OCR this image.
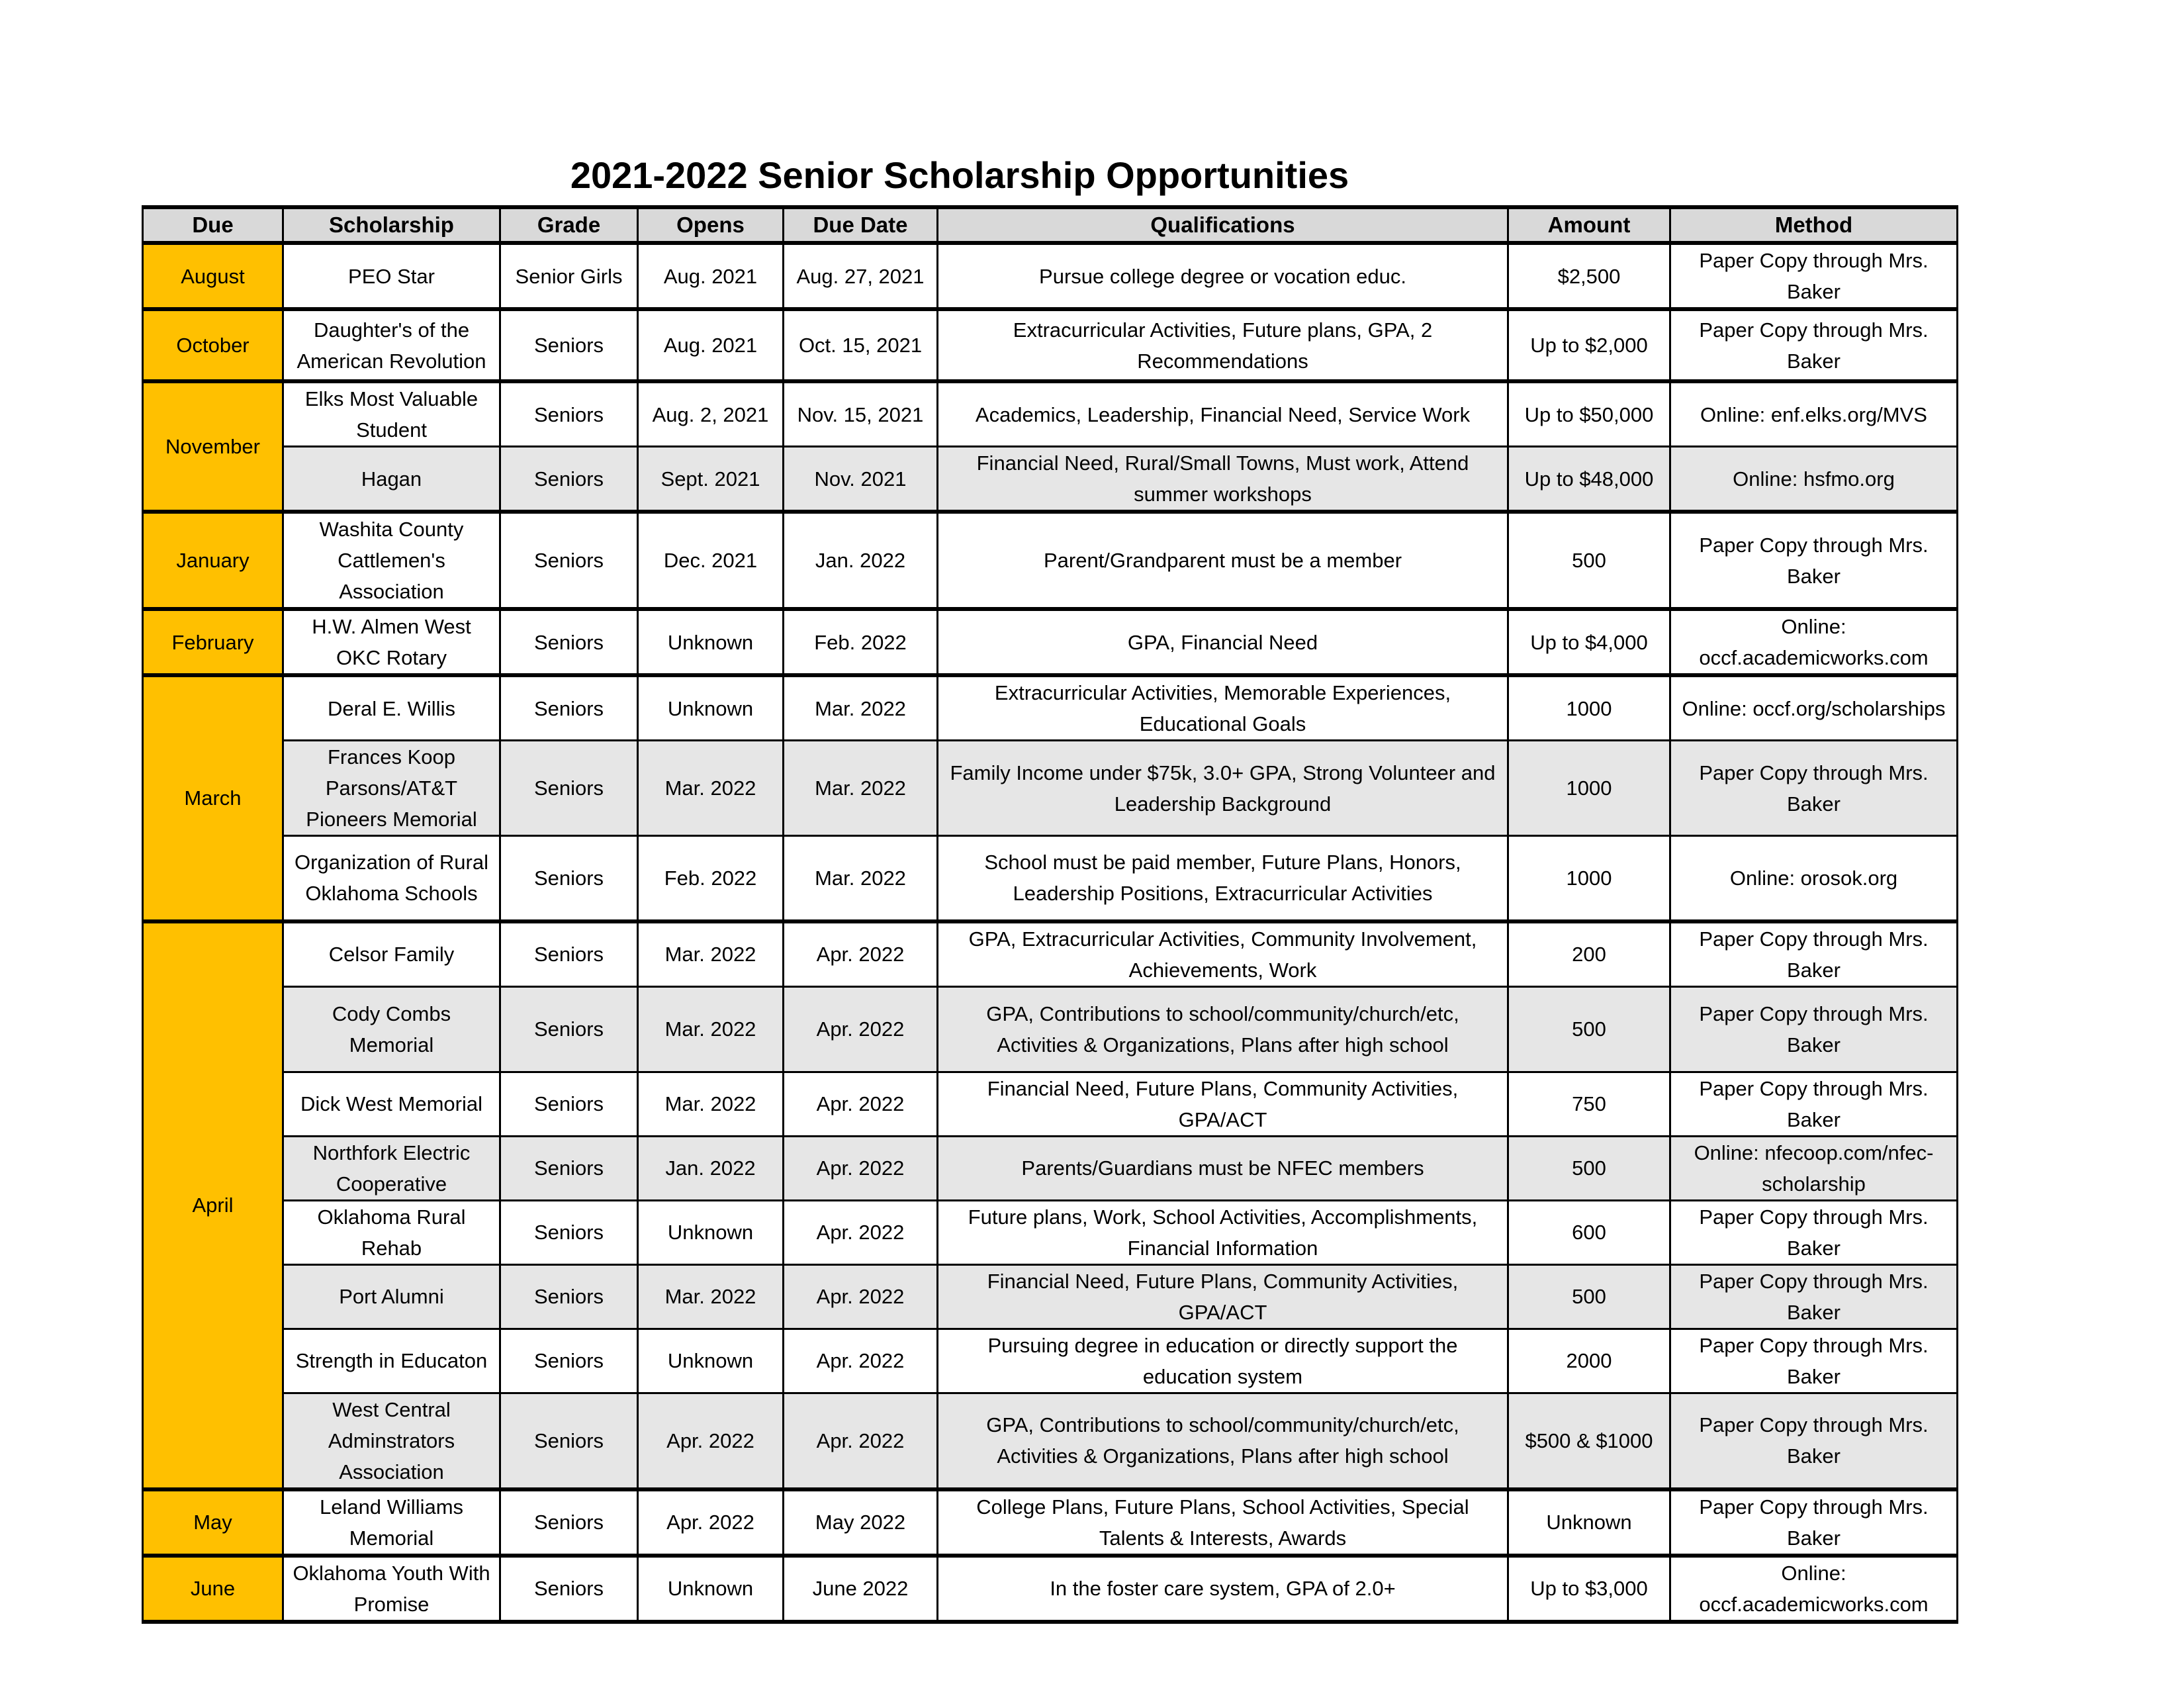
2021-2022 Senior Scholarship Opportunities
Due	Scholarship	Grade	Opens	Due Date	Qualifications	Amount	Method
August	PEO Star	Senior Girls	Aug. 2021	Aug. 27, 2021	Pursue college degree or vocation educ.	$2,500	Paper Copy through Mrs. Baker
October	Daughter's of the American Revolution	Seniors	Aug. 2021	Oct. 15, 2021	Extracurricular Activities, Future plans, GPA, 2 Recommendations	Up to $2,000	Paper Copy through Mrs. Baker
November	Elks Most Valuable Student	Seniors	Aug. 2, 2021	Nov. 15, 2021	Academics, Leadership, Financial Need, Service Work	Up to $50,000	Online: enf.elks.org/MVS
	Hagan	Seniors	Sept. 2021	Nov. 2021	Financial Need, Rural/Small Towns, Must work, Attend summer workshops	Up to $48,000	Online: hsfmo.org
January	Washita County Cattlemen's Association	Seniors	Dec. 2021	Jan. 2022	Parent/Grandparent must be a member	500	Paper Copy through Mrs. Baker
February	H.W. Almen West OKC Rotary	Seniors	Unknown	Feb. 2022	GPA, Financial Need	Up to $4,000	Online: occf.academicworks.com
March	Deral E. Willis	Seniors	Unknown	Mar. 2022	Extracurricular Activities, Memorable Experiences, Educational Goals	1000	Online: occf.org/scholarships
	Frances Koop Parsons/AT&T Pioneers Memorial	Seniors	Mar. 2022	Mar. 2022	Family Income under $75k, 3.0+ GPA, Strong Volunteer and Leadership Background	1000	Paper Copy through Mrs. Baker
	Organization of Rural Oklahoma Schools	Seniors	Feb. 2022	Mar. 2022	School must be paid member, Future Plans, Honors, Leadership Positions, Extracurricular Activities	1000	Online: orosok.org
April	Celsor Family	Seniors	Mar. 2022	Apr. 2022	GPA, Extracurricular Activities, Community Involvement, Achievements, Work	200	Paper Copy through Mrs. Baker
	Cody Combs Memorial	Seniors	Mar. 2022	Apr. 2022	GPA, Contributions to school/community/church/etc, Activities & Organizations, Plans after high school	500	Paper Copy through Mrs. Baker
	Dick West Memorial	Seniors	Mar. 2022	Apr. 2022	Financial Need, Future Plans, Community Activities, GPA/ACT	750	Paper Copy through Mrs. Baker
	Northfork Electric Cooperative	Seniors	Jan. 2022	Apr. 2022	Parents/Guardians must be NFEC members	500	Online: nfecoop.com/nfec-scholarship
	Oklahoma Rural Rehab	Seniors	Unknown	Apr. 2022	Future plans, Work, School Activities, Accomplishments, Financial Information	600	Paper Copy through Mrs. Baker
	Port Alumni	Seniors	Mar. 2022	Apr. 2022	Financial Need, Future Plans, Community Activities, GPA/ACT	500	Paper Copy through Mrs. Baker
	Strength in Educaton	Seniors	Unknown	Apr. 2022	Pursuing degree in education or directly support the education system	2000	Paper Copy through Mrs. Baker
	West Central Adminstrators Association	Seniors	Apr. 2022	Apr. 2022	GPA, Contributions to school/community/church/etc, Activities & Organizations, Plans after high school	$500 & $1000	Paper Copy through Mrs. Baker
May	Leland Williams Memorial	Seniors	Apr. 2022	May 2022	College Plans, Future Plans, School Activities, Special Talents & Interests, Awards	Unknown	Paper Copy through Mrs. Baker
June	Oklahoma Youth With Promise	Seniors	Unknown	June 2022	In the foster care system, GPA of 2.0+	Up to $3,000	Online: occf.academicworks.com
